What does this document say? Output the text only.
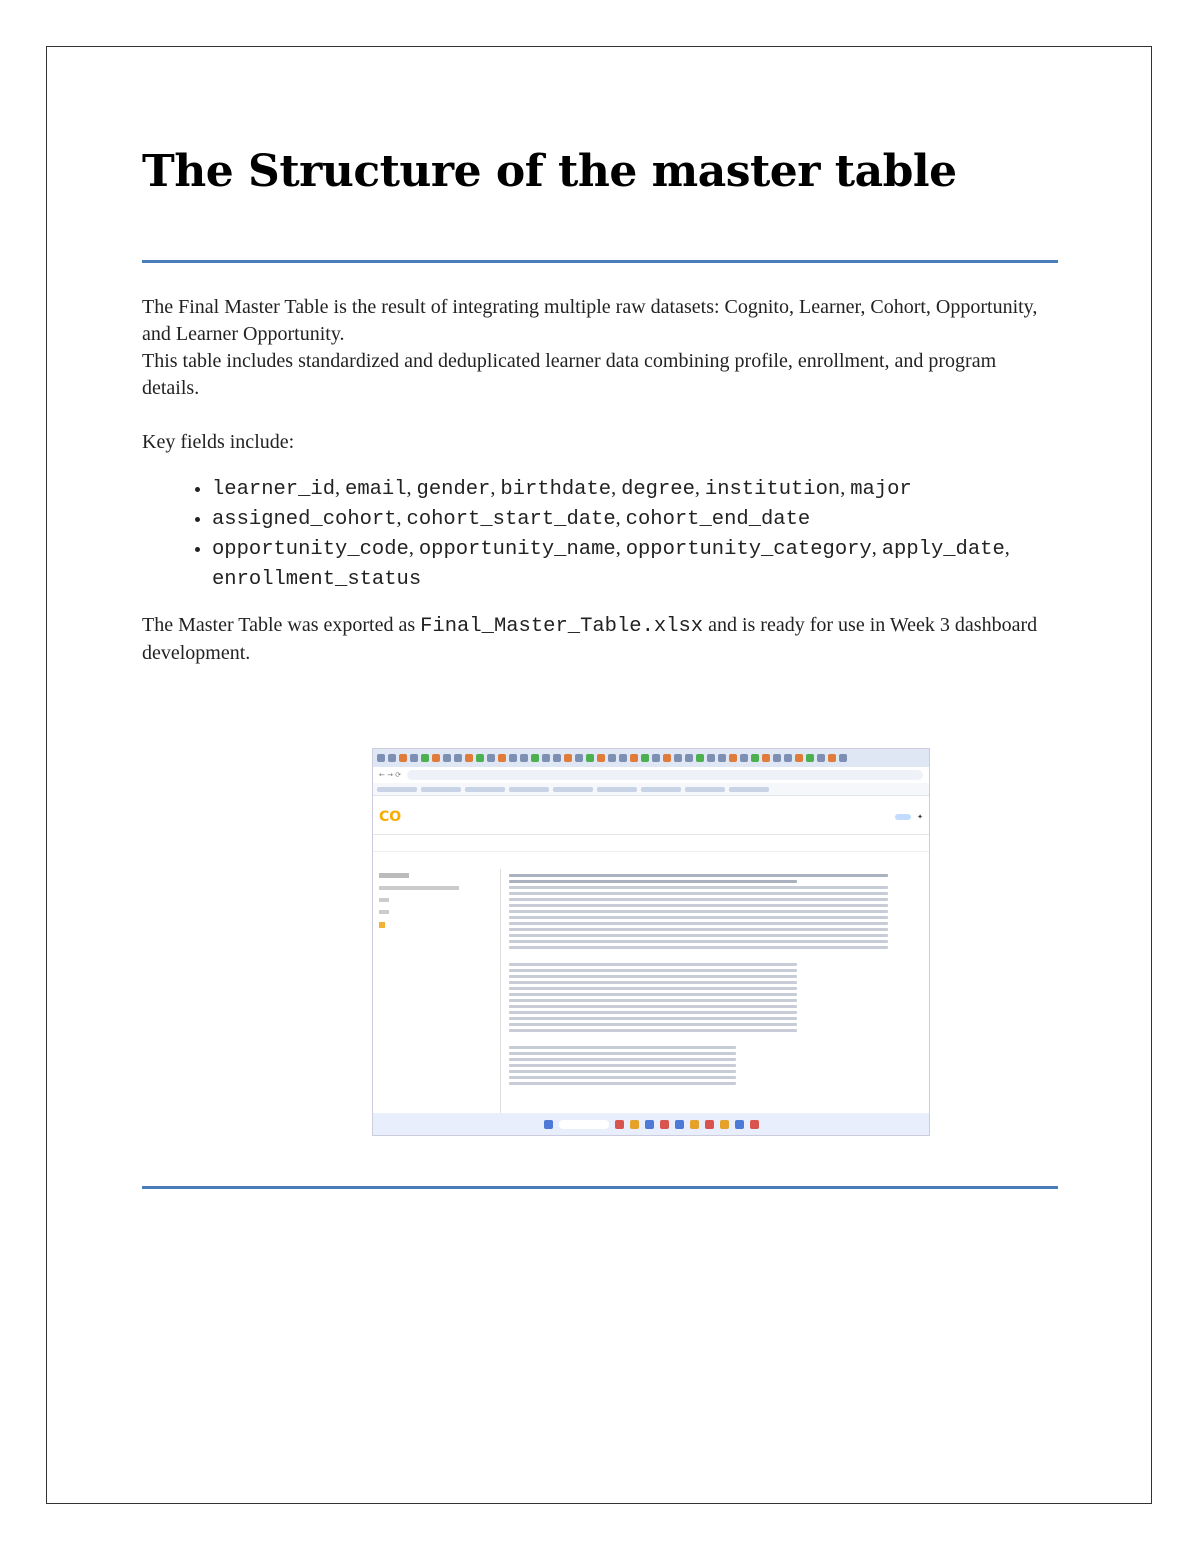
The Structure of the master table

The Final Master Table is the result of integrating multiple raw datasets: Cognito, Learner, Cohort, Opportunity, and Learner Opportunity.

This table includes standardized and deduplicated learner data combining profile, enrollment, and program details.

Key fields include:

• learner_id, email, gender, birthdate, degree, institution, major
• assigned_cohort, cohort_start_date, cohort_end_date
• opportunity_code, opportunity_name, opportunity_category, apply_date, enrollment_status

The Master Table was exported as Final_Master_Table.xlsx and is ready for use in Week 3 dashboard development.

← → ⟳
CO	✦
